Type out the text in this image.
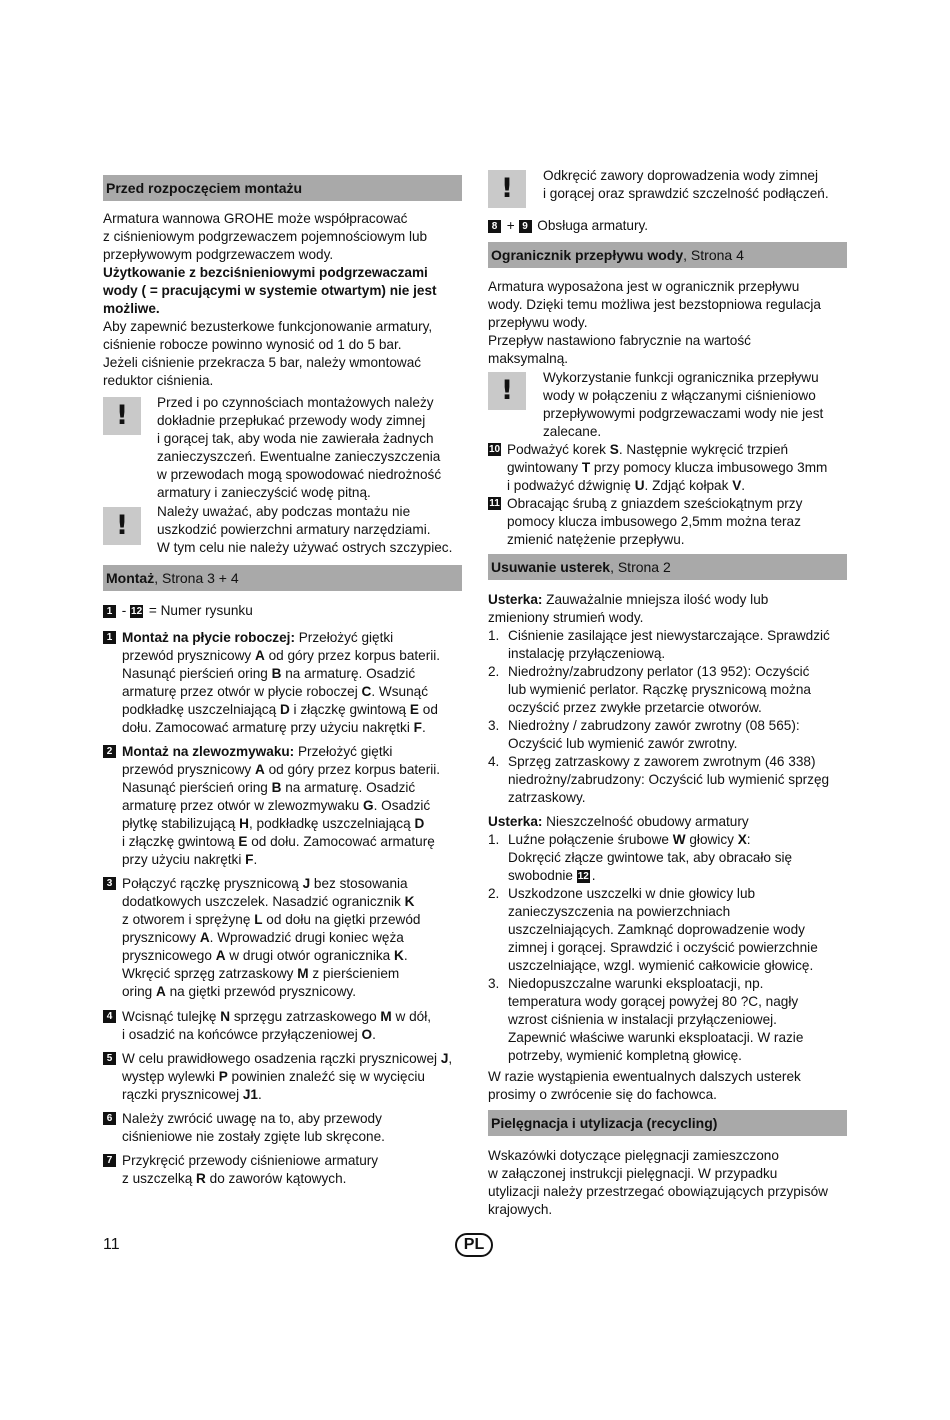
Przed rozpoczęciem montażu
Armatura wannowa GROHE może współpracować
z ciśnieniowym podgrzewaczem pojemnościowym lub
przepływowym podgrzewaczem wody.
Użytkowanie z bezciśnieniowymi podgrzewaczami
wody ( = pracującymi w systemie otwartym) nie jest
możliwe.
Aby zapewnić bezusterkowe funkcjonowanie armatury,
ciśnienie robocze powinno wynosić od 1 do 5 bar.
Jeżeli ciśnienie przekracza 5 bar, należy wmontować
reduktor ciśnienia.
!
Przed i po czynnościach montażowych należy
dokładnie przepłukać przewody wody zimnej
i gorącej tak, aby woda nie zawierała żadnych
zanieczyszczeń. Ewentualne zanieczyszczenia
w przewodach mogą spowodować niedrożność
armatury i zanieczyścić wodę pitną.
!
Należy uważać, aby podczas montażu nie
uszkodzić powierzchni armatury narzędziami.
W tym celu nie należy używać ostrych szczypiec.
Montaż, Strona 3 + 4
1 - 12 = Numer rysunku
!
Odkręcić zawory doprowadzenia wody zimnej
i gorącej oraz sprawdzić szczelność podłączeń.
8 + 9 Obsługa armatury.
Ogranicznik przepływu wody, Strona 4
Armatura wyposażona jest w ogranicznik przepływu
wody. Dzięki temu możliwa jest bezstopniowa regulacja
przepływu wody.
Przepływ nastawiono fabrycznie na wartość
maksymalną.
!
Wykorzystanie funkcji ogranicznika przepływu
wody w połączeniu z włączanymi ciśnieniowo
przepływowymi podgrzewaczami wody nie jest
zalecane.
Usuwanie usterek, Strona 2
Usterka: Zauważalnie mniejsza ilość wody lub
zmieniony strumień wody.
1. Ciśnienie zasilające jest niewystarczające. Sprawdzić
instalację przyłączeniową.
2. Niedrożny/zabrudzony perlator (13 952): Oczyścić
lub wymienić perlator. Rączkę prysznicową można
oczyścić przez zwykłe przetarcie otworów.
3. Niedrożny / zabrudzony zawór zwrotny (08 565):
Oczyścić lub wymienić zawór zwrotny.
4. Sprzęg zatrzaskowy z zaworem zwrotnym (46 338)
niedrożny/zabrudzony: Oczyścić lub wymienić sprzęg
zatrzaskowy.
Usterka: Nieszczelność obudowy armatury
1. Luźne połączenie śrubowe W głowicy X:
Dokręcić złącze gwintowe tak, aby obracało się
swobodnie 12 .
2. Uszkodzone uszczelki w dnie głowicy lub
zanieczyszczenia na powierzchniach
uszczelniających. Zamknąć doprowadzenie wody
zimnej i gorącej. Sprawdzić i oczyścić powierzchnie
uszczelniające, wzgl. wymienić całkowicie głowicę.
3. Niedopuszczalne warunki eksploatacji, np.
temperatura wody gorącej powyżej 80 ?C, nagły
wzrost ciśnienia w instalacji przyłączeniowej.
Zapewnić właściwe warunki eksploatacji. W razie
potrzeby, wymienić kompletną głowicę.
W razie wystąpienia ewentualnych dalszych usterek
prosimy o zwrócenie się do fachowca.
Pielęgnacja i utylizacja (recycling)
Wskazówki dotyczące pielęgnacji zamieszczono
w załączonej instrukcji pielęgnacji. W przypadku
utylizacji należy przestrzegać obowiązujących przypisów
krajowych.
11	PL
1 Montaż na płycie roboczej: Przełożyć giętki
przewód prysznicowy A od góry przez korpus baterii.
Nasunąć pierścień oring B na armaturę. Osadzić
armaturę przez otwór w płycie roboczej C. Wsunąć
podkładkę uszczelniającą D i złączkę gwintową E od
dołu. Zamocować armaturę przy użyciu nakrętki F.
2 Montaż na zlewozmywaku: Przełożyć giętki
przewód prysznicowy A od góry przez korpus baterii.
Nasunąć pierścień oring B na armaturę. Osadzić
armaturę przez otwór w zlewozmywaku G. Osadzić
płytkę stabilizującą H, podkładkę uszczelniającą D
i złączkę gwintową E od dołu. Zamocować armaturę
przy użyciu nakrętki F.
3 Połączyć rączkę prysznicową J bez stosowania
dodatkowych uszczelek. Nasadzić ogranicznik K
z otworem i sprężynę L od dołu na giętki przewód
prysznicowy A. Wprowadzić drugi koniec węża
prysznicowego A w drugi otwór ogranicznika K.
Wkręcić sprzęg zatrzaskowy M z pierścieniem
oring A na giętki przewód prysznicowy.
4 Wcisnąć tulejkę N sprzęgu zatrzaskowego M w dół,
i osadzić na końcówce przyłączeniowej O.
5 W celu prawidłowego osadzenia rączki prysznicowej J,
występ wylewki P powinien znaleźć się w wycięciu
rączki prysznicowej J1.
6 Należy zwrócić uwagę na to, aby przewody
ciśnieniowe nie zostały zgięte lub skręcone.
7 Przykręcić przewody ciśnieniowe armatury
z uszczelką R do zaworów kątowych.
10 Podważyć korek S. Następnie wykręcić trzpień
gwintowany T przy pomocy klucza imbusowego 3mm
i podważyć dźwignię U. Zdjąć kołpak V.
11 Obracając śrubą z gniazdem sześciokątnym przy
pomocy klucza imbusowego 2,5mm można teraz
zmienić natężenie przepływu.
